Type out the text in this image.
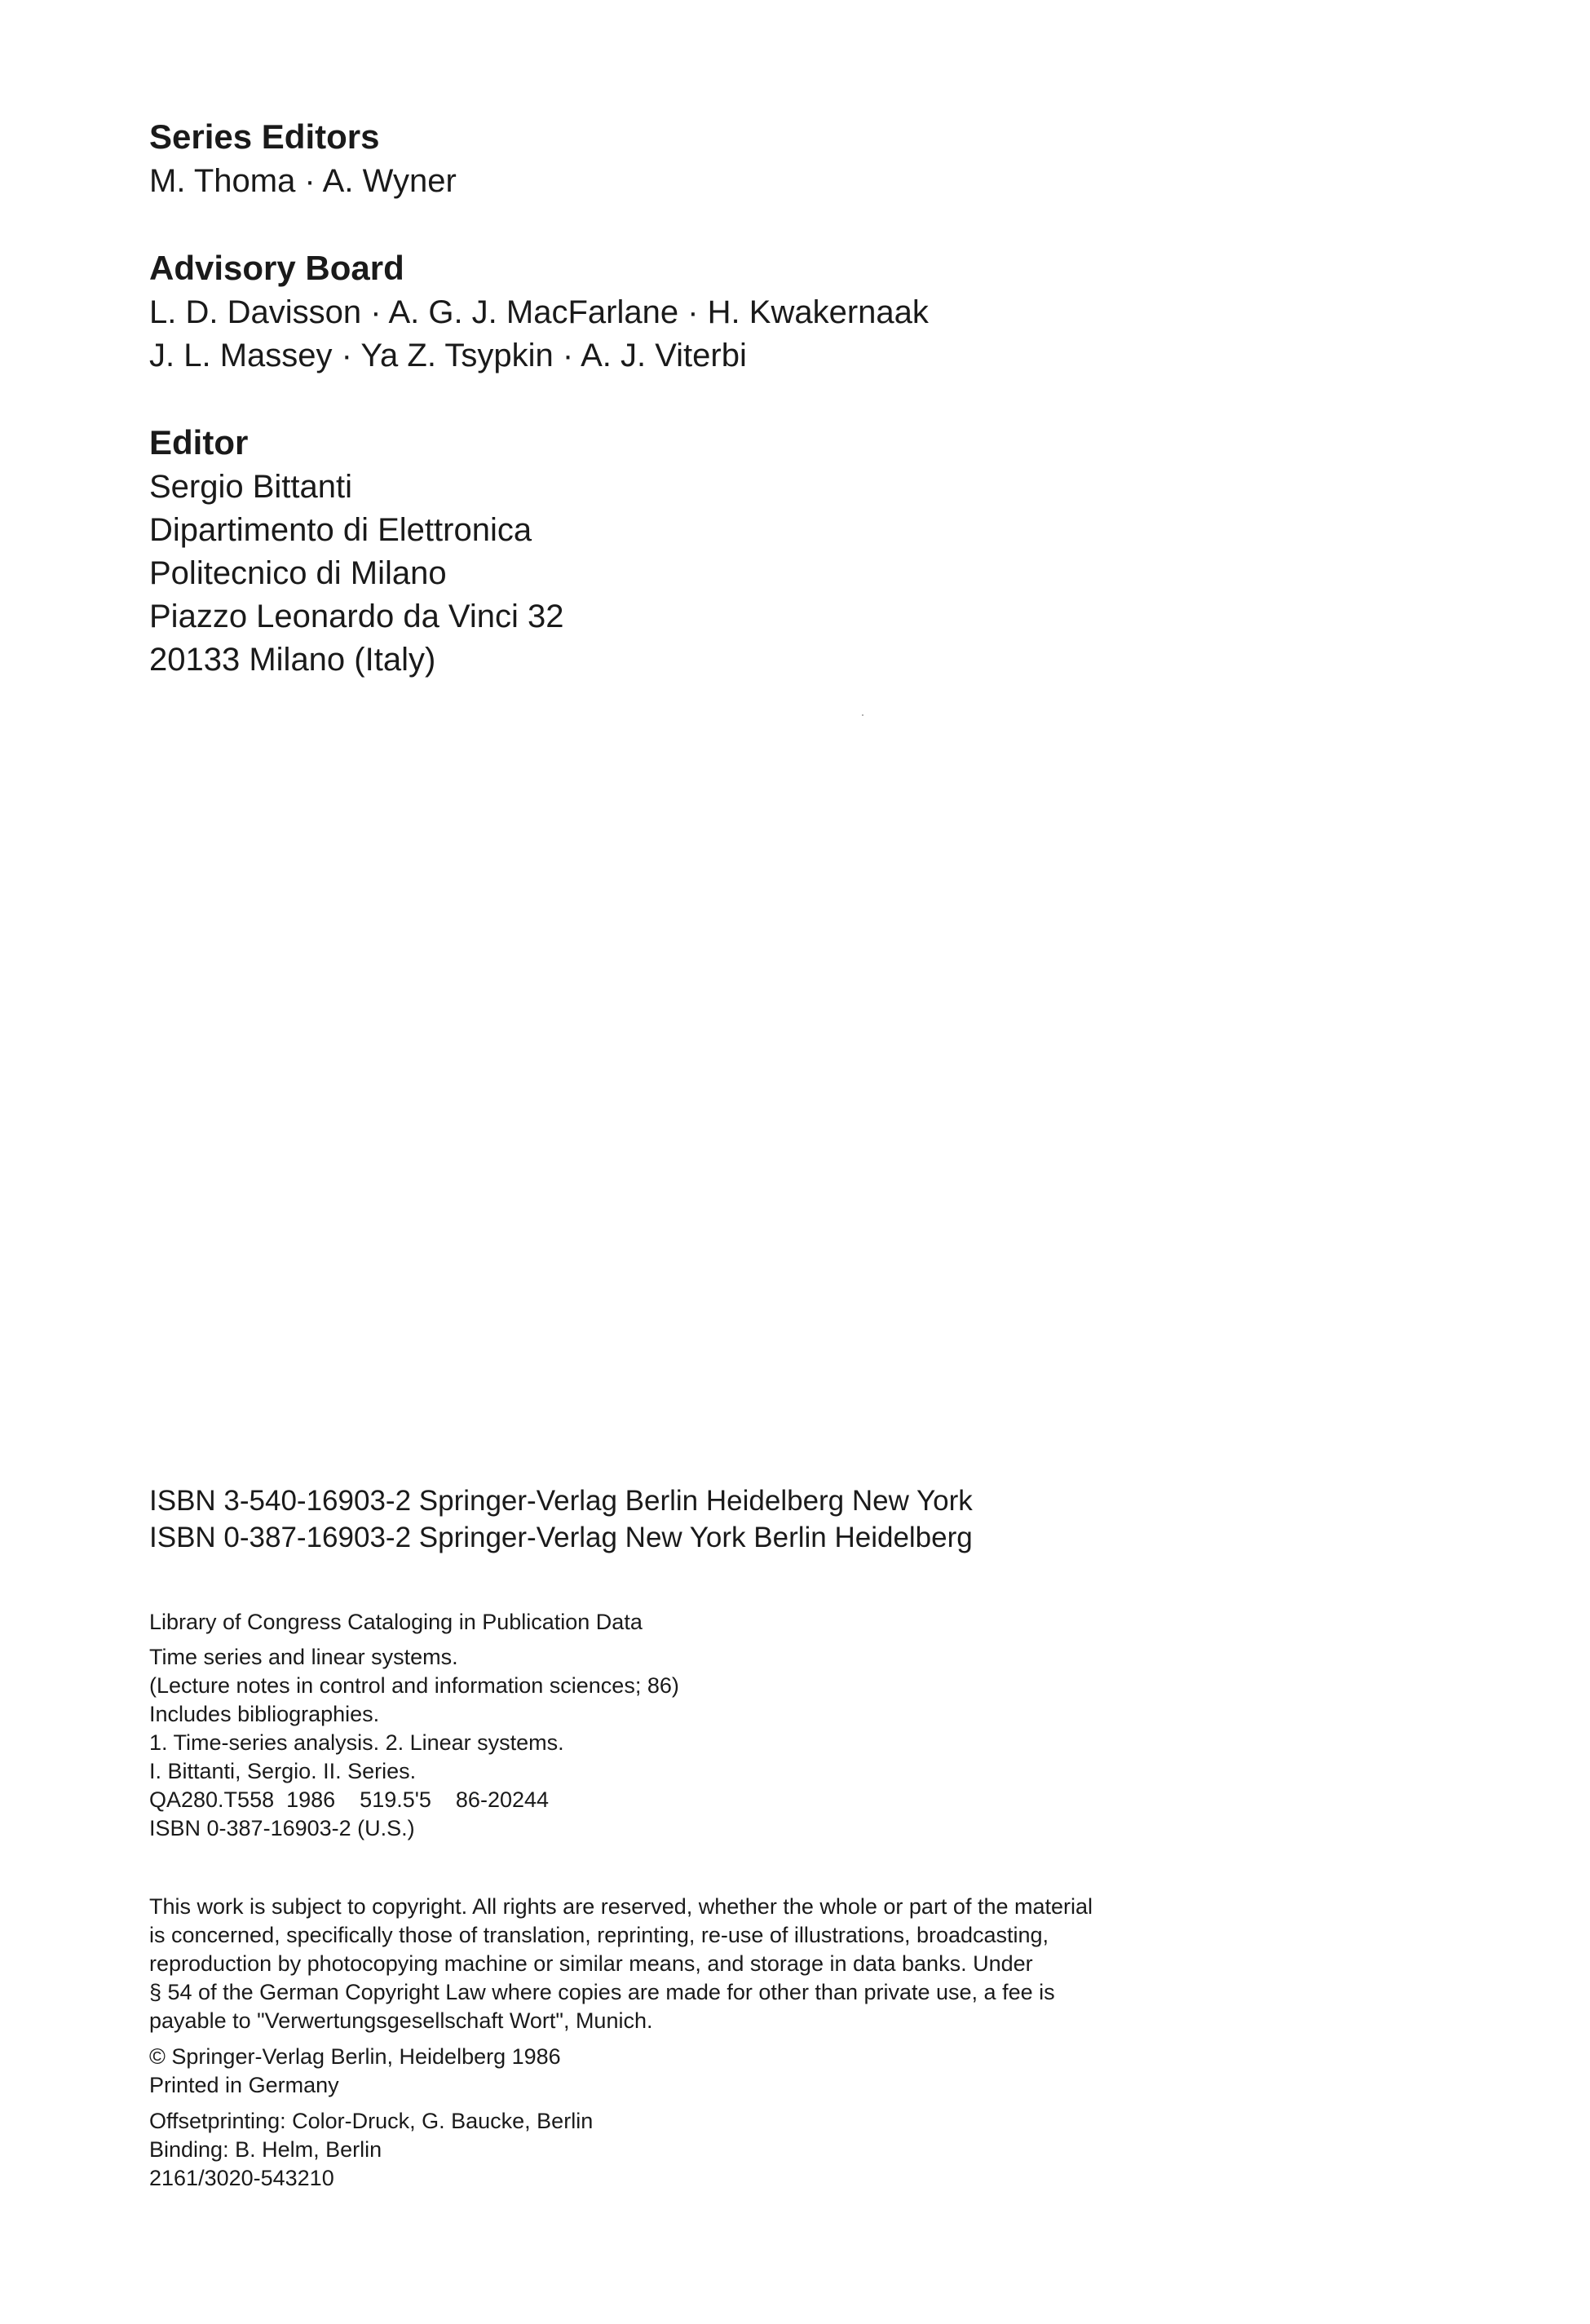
Series Editors

M. Thoma · A. Wyner

Advisory Board

L. D. Davisson · A. G. J. MacFarlane · H. Kwakernaak

J. L. Massey · Ya Z. Tsypkin · A. J. Viterbi

Editor

Sergio Bittanti

Dipartimento di Elettronica

Politecnico di Milano

Piazzo Leonardo da Vinci 32

20133 Milano (Italy)

ISBN 3-540-16903-2 Springer-Verlag Berlin Heidelberg New York

ISBN 0-387-16903-2 Springer-Verlag New York Berlin Heidelberg

Library of Congress Cataloging in Publication Data

Time series and linear systems.

(Lecture notes in control and information sciences; 86)

Includes bibliographies.

1. Time-series analysis. 2. Linear systems.

I. Bittanti, Sergio. II. Series.

QA280.T558  1986    519.5'5    86-20244

ISBN 0-387-16903-2 (U.S.)

This work is subject to copyright. All rights are reserved, whether the whole or part of the material

is concerned, specifically those of translation, reprinting, re-use of illustrations, broadcasting,

reproduction by photocopying machine or similar means, and storage in data banks. Under

§ 54 of the German Copyright Law where copies are made for other than private use, a fee is

payable to "Verwertungsgesellschaft Wort", Munich.

© Springer-Verlag Berlin, Heidelberg 1986

Printed in Germany

Offsetprinting: Color-Druck, G. Baucke, Berlin

Binding: B. Helm, Berlin

2161/3020-543210
